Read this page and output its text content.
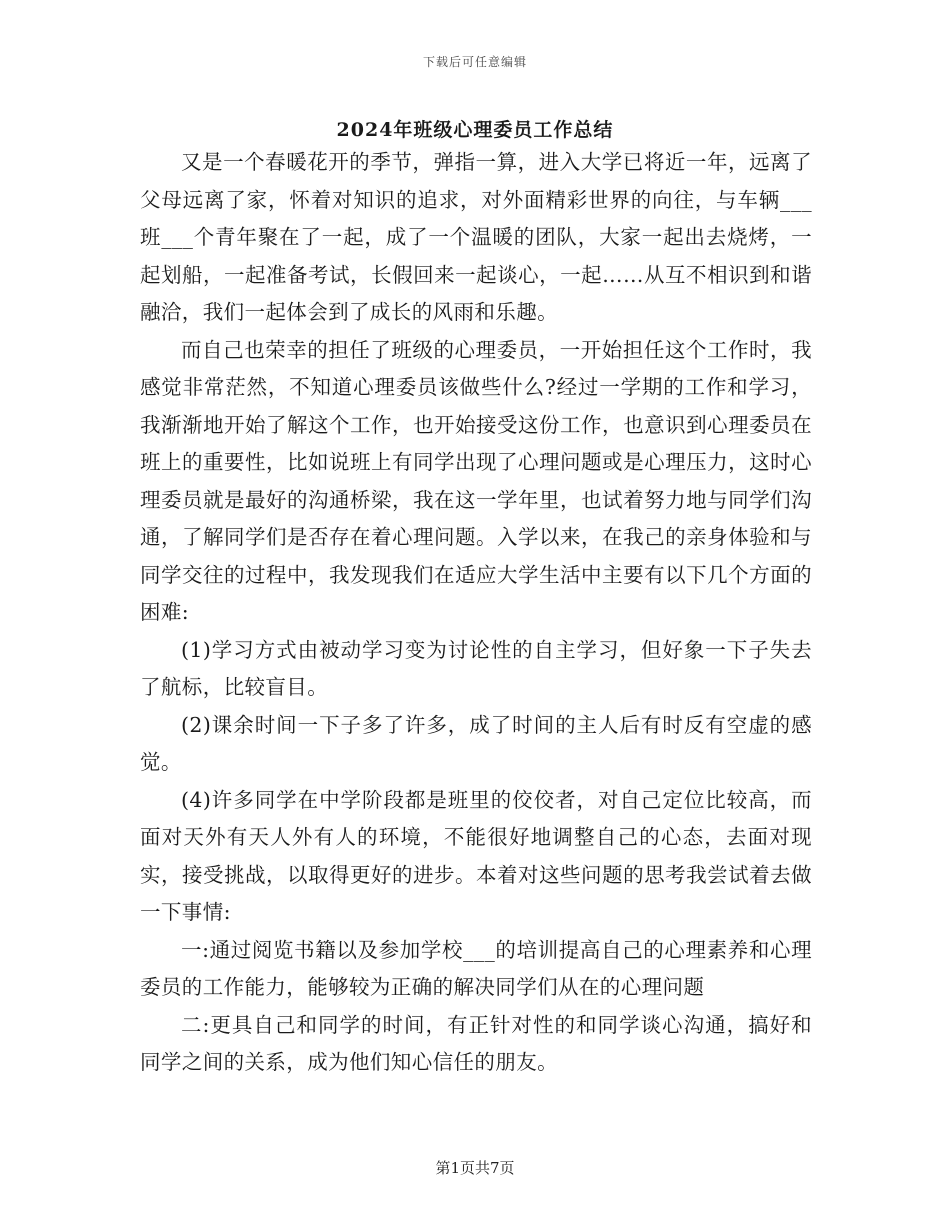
下载后可任意编辑
2024年班级心理委员工作总结

又是一个春暖花开的季节，弹指一算，进入大学已将近一年，远离了父母远离了家，怀着对知识的追求，对外面精彩世界的向往，与车辆___班___个青年聚在了一起，成了一个温暖的团队，大家一起出去烧烤，一起划船，一起准备考试，长假回来一起谈心，一起……从互不相识到和谐融洽，我们一起体会到了成长的风雨和乐趣。

而自己也荣幸的担任了班级的心理委员，一开始担任这个工作时，我感觉非常茫然，不知道心理委员该做些什么?经过一学期的工作和学习，我渐渐地开始了解这个工作，也开始接受这份工作，也意识到心理委员在班上的重要性，比如说班上有同学出现了心理问题或是心理压力，这时心理委员就是最好的沟通桥梁，我在这一学年里，也试着努力地与同学们沟通，了解同学们是否存在着心理问题。入学以来，在我己的亲身体验和与同学交往的过程中，我发现我们在适应大学生活中主要有以下几个方面的困难:

(1)学习方式由被动学习变为讨论性的自主学习，但好象一下子失去了航标，比较盲目。

(2)课余时间一下子多了许多，成了时间的主人后有时反有空虚的感觉。

(4)许多同学在中学阶段都是班里的佼佼者，对自己定位比较高，而面对天外有天人外有人的环境，不能很好地调整自己的心态，去面对现实，接受挑战，以取得更好的进步。本着对这些问题的思考我尝试着去做一下事情:

一:通过阅览书籍以及参加学校___的培训提高自己的心理素养和心理委员的工作能力，能够较为正确的解决同学们从在的心理问题

二:更具自己和同学的时间，有正针对性的和同学谈心沟通，搞好和同学之间的关系，成为他们知心信任的朋友。

第1页共7页
